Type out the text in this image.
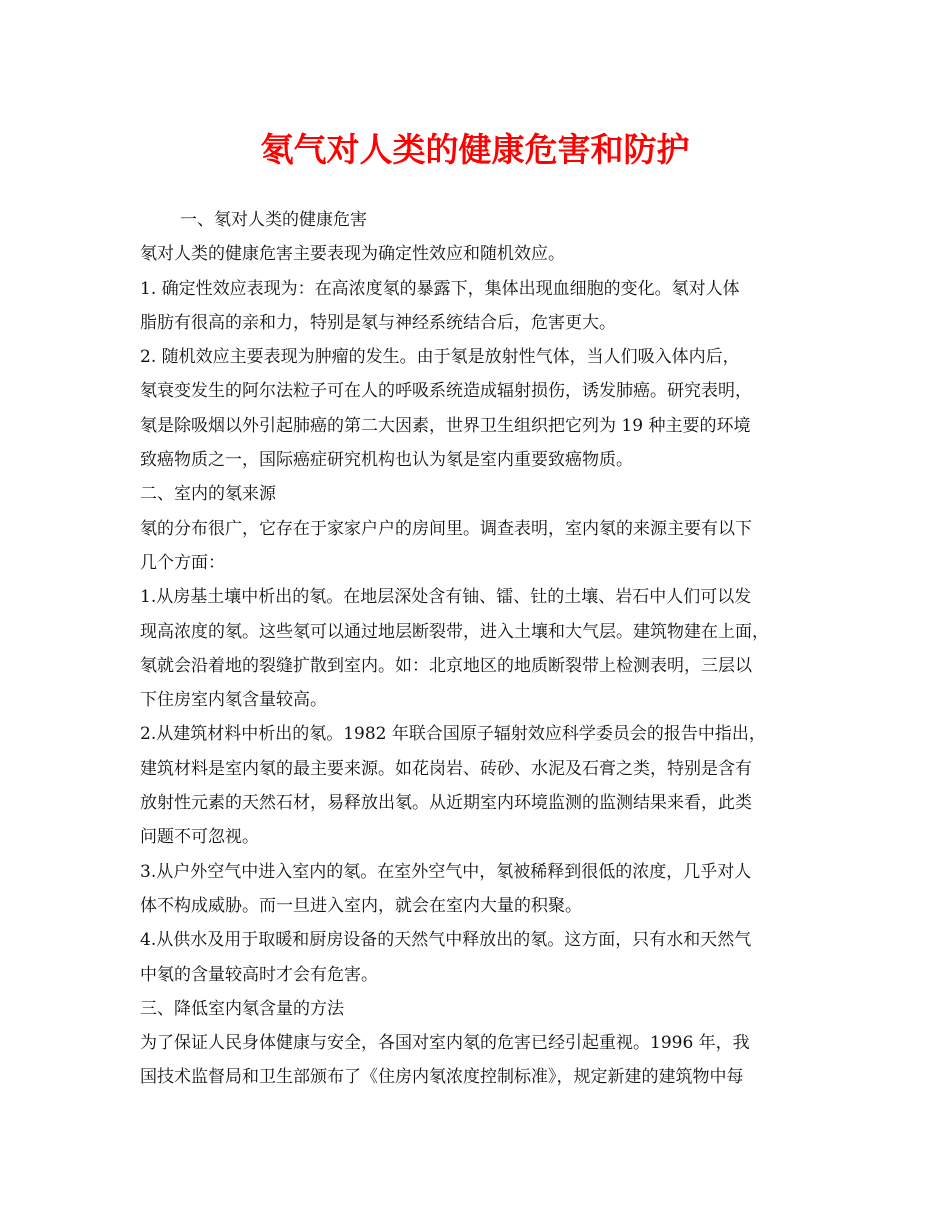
氡气对人类的健康危害和防护

一、氡对人类的健康危害

氡对人类的健康危害主要表现为确定性效应和随机效应。

1. 确定性效应表现为：在高浓度氡的暴露下，集体出现血细胞的变化。氡对人体

脂肪有很高的亲和力，特别是氡与神经系统结合后，危害更大。

2. 随机效应主要表现为肿瘤的发生。由于氡是放射性气体，当人们吸入体内后，

氡衰变发生的阿尔法粒子可在人的呼吸系统造成辐射损伤，诱发肺癌。研究表明，

氡是除吸烟以外引起肺癌的第二大因素，世界卫生组织把它列为 19 种主要的环境

致癌物质之一，国际癌症研究机构也认为氡是室内重要致癌物质。

二、室内的氡来源

氡的分布很广，它存在于家家户户的房间里。调查表明，室内氡的来源主要有以下

几个方面：

1.从房基土壤中析出的氡。在地层深处含有铀、镭、钍的土壤、岩石中人们可以发

现高浓度的氡。这些氡可以通过地层断裂带，进入土壤和大气层。建筑物建在上面，

氡就会沿着地的裂缝扩散到室内。如：北京地区的地质断裂带上检测表明，三层以

下住房室内氡含量较高。

2.从建筑材料中析出的氡。1982 年联合国原子辐射效应科学委员会的报告中指出，

建筑材料是室内氡的最主要来源。如花岗岩、砖砂、水泥及石膏之类，特别是含有

放射性元素的天然石材，易释放出氡。从近期室内环境监测的监测结果来看，此类

问题不可忽视。

3.从户外空气中进入室内的氡。在室外空气中，氡被稀释到很低的浓度，几乎对人

体不构成威胁。而一旦进入室内，就会在室内大量的积聚。

4.从供水及用于取暖和厨房设备的天然气中释放出的氡。这方面，只有水和天然气

中氡的含量较高时才会有危害。

三、降低室内氡含量的方法

为了保证人民身体健康与安全，各国对室内氡的危害已经引起重视。1996 年，我

国技术监督局和卫生部颁布了《住房内氡浓度控制标准》，规定新建的建筑物中每
